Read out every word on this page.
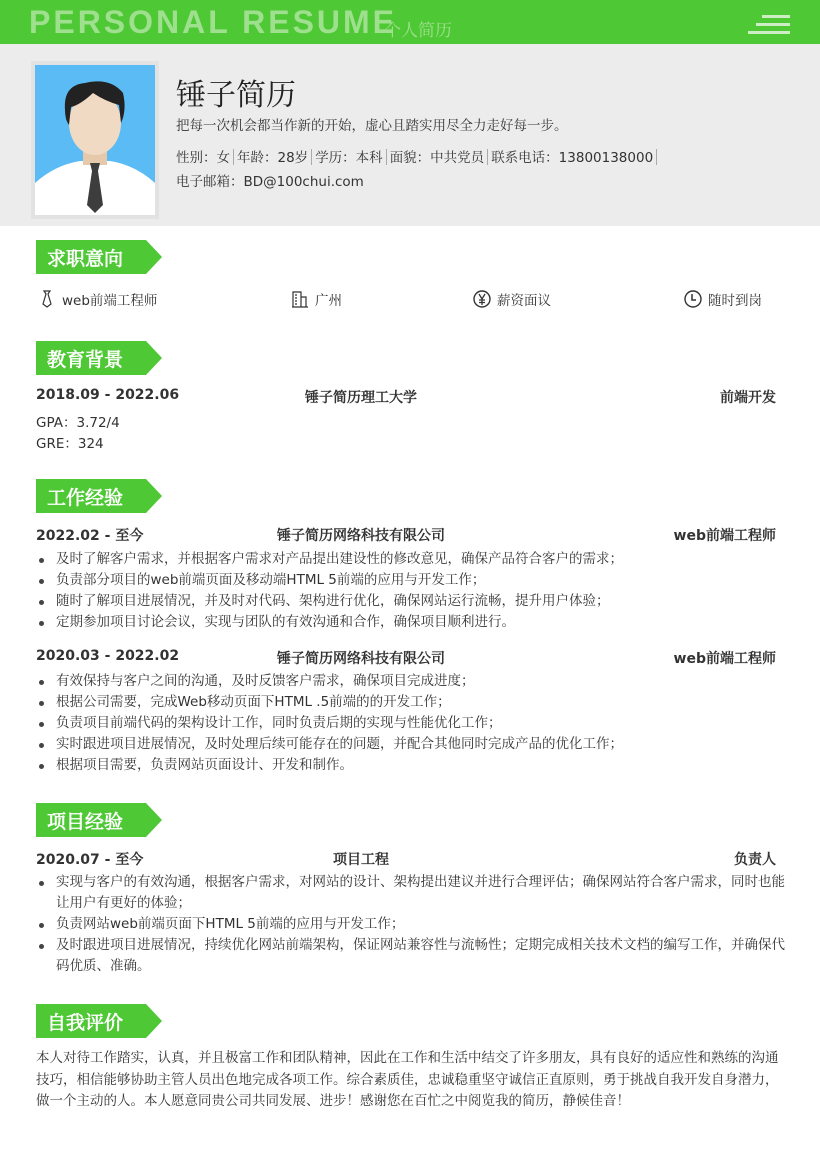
PERSONAL RESUME
个人简历
锤子简历
把每一次机会都当作新的开始，虚心且踏实用尽全力走好每一步。
性别：女 年龄：28岁 学历：本科 面貌：中共党员 联系电话：13800138000
电子邮箱：BD@100chui.com
求职意向
web前端工程师	广州	薪资面议	随时到岗
教育背景
2018.09 - 2022.06	锤子简历理工大学	前端开发
GPA：3.72/4
GRE：324
工作经验
2022.02 - 至今	锤子简历网络科技有限公司	web前端工程师
及时了解客户需求，并根据客户需求对产品提出建设性的修改意见，确保产品符合客户的需求；
负责部分项目的web前端页面及移动端HTML 5前端的应用与开发工作；
随时了解项目进展情况，并及时对代码、架构进行优化，确保网站运行流畅，提升用户体验；
定期参加项目讨论会议，实现与团队的有效沟通和合作，确保项目顺利进行。
2020.03 - 2022.02	锤子简历网络科技有限公司	web前端工程师
有效保持与客户之间的沟通，及时反馈客户需求，确保项目完成进度；
根据公司需要，完成Web移动页面下HTML .5前端的的开发工作；
负责项目前端代码的架构设计工作，同时负责后期的实现与性能优化工作；
实时跟进项目进展情况，及时处理后续可能存在的问题，并配合其他同时完成产品的优化工作；
根据项目需要，负责网站页面设计、开发和制作。
项目经验
2020.07 - 至今	项目工程	负责人
实现与客户的有效沟通，根据客户需求，对网站的设计、架构提出建议并进行合理评估；确保网站符合客户需求，同时也能让用户有更好的体验；
负责网站web前端页面下HTML 5前端的应用与开发工作；
及时跟进项目进展情况，持续优化网站前端架构，保证网站兼容性与流畅性；定期完成相关技术文档的编写工作，并确保代码优质、准确。
自我评价
本人对待工作踏实，认真，并且极富工作和团队精神，因此在工作和生活中结交了许多朋友，具有良好的适应性和熟练的沟通技巧，相信能够协助主管人员出色地完成各项工作。综合素质佳，忠诚稳重坚守诚信正直原则，勇于挑战自我开发自身潜力，做一个主动的人。本人愿意同贵公司共同发展、进步！感谢您在百忙之中阅览我的简历，静候佳音！
